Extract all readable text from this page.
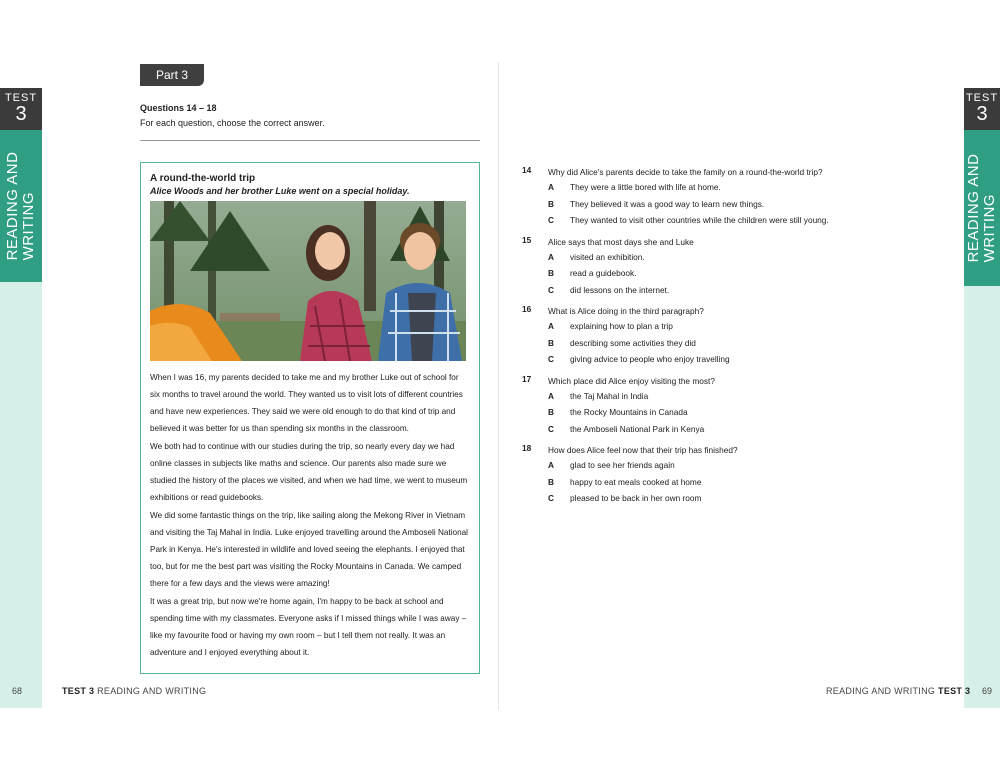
TEST
3
READING AND
WRITING
TEST
3
READING AND
WRITING
68	TEST 3 READING AND WRITING	READING AND WRITING TEST 3 69
Part 3
Questions 14 – 18
For each question, choose the correct answer.
A round-the-world trip
Alice Woods and her brother Luke went on a special holiday.

When I was 16, my parents decided to take me and my brother Luke out of school for six months to travel around the world. They wanted us to visit lots of different countries and have new experiences. They said we were old enough to do that kind of trip and believed it was better for us than spending six months in the classroom.

We both had to continue with our studies during the trip, so nearly every day we had online classes in subjects like maths and science. Our parents also made sure we studied the history of the places we visited, and when we had time, we went to museum exhibitions or read guidebooks.

We did some fantastic things on the trip, like sailing along the Mekong River in Vietnam and visiting the Taj Mahal in India. Luke enjoyed travelling around the Amboseli National Park in Kenya. He's interested in wildlife and loved seeing the elephants. I enjoyed that too, but for me the best part was visiting the Rocky Mountains in Canada. We camped there for a few days and the views were amazing!

It was a great trip, but now we're home again, I'm happy to be back at school and spending time with my classmates. Everyone asks if I missed things while I was away – like my favourite food or having my own room – but I tell them not really. It was an adventure and I enjoyed everything about it.

14 Why did Alice's parents decide to take the family on a round-the-world trip?
A They were a little bored with life at home.
B They believed it was a good way to learn new things.
C They wanted to visit other countries while the children were still young.
15 Alice says that most days she and Luke
A visited an exhibition.
B read a guidebook.
C did lessons on the internet.
16 What is Alice doing in the third paragraph?
A explaining how to plan a trip
B describing some activities they did
C giving advice to people who enjoy travelling
17 Which place did Alice enjoy visiting the most?
A the Taj Mahal in India
B the Rocky Mountains in Canada
C the Amboseli National Park in Kenya
18 How does Alice feel now that their trip has finished?
A glad to see her friends again
B happy to eat meals cooked at home
C pleased to be back in her own room
